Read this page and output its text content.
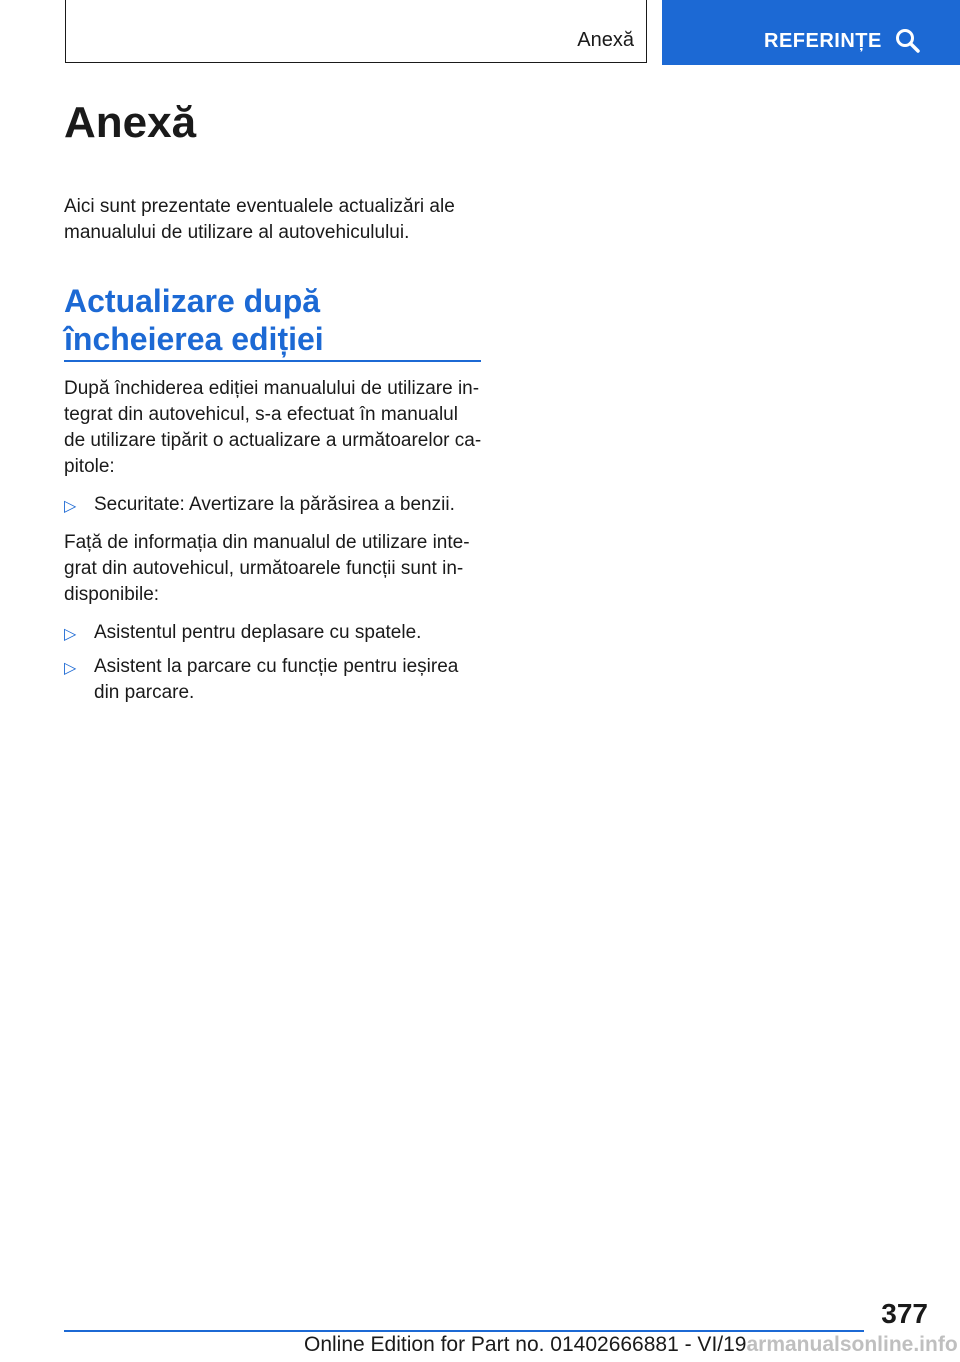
Anexă	REFERINȚE
Anexă

Aici sunt prezentate eventualele actualizări ale manualului de utilizare al autovehiculului.

Actualizare după încheierea ediției

După închiderea ediției manualului de utilizare integrat din autovehicul, s-a efectuat în manualul de utilizare tipărit o actualizare a următoarelor capitole:

▷ Securitate: Avertizare la părăsirea a benzii.

Față de informația din manualul de utilizare integrat din autovehicul, următoarele funcții sunt indisponibile:

▷ Asistentul pentru deplasare cu spatele.
▷ Asistent la parcare cu funcție pentru ieșirea din parcare.
377
Online Edition for Part no. 01402666881 - VI/19armanualsonline.info
